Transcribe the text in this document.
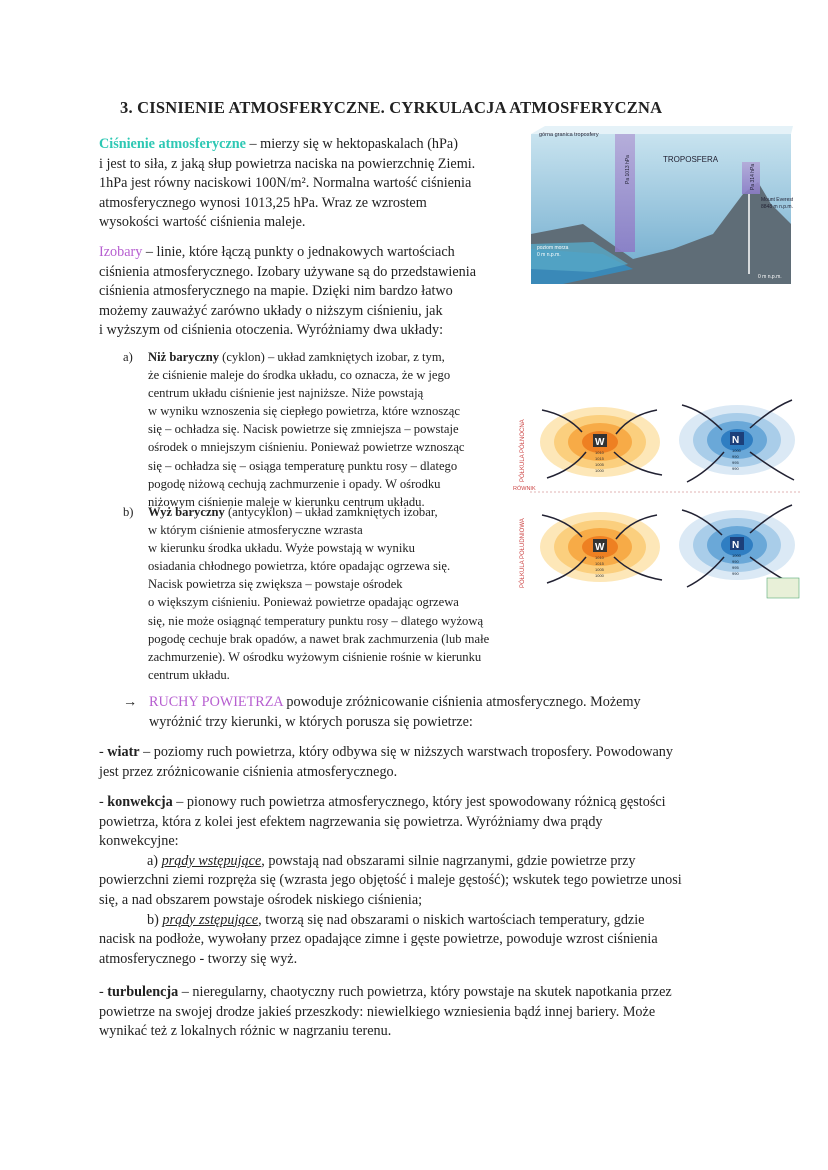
3. CISNIENIE ATMOSFERYCZNE. CYRKULACJA ATMOSFERYCZNA
górna granica troposfery
TROPOSFERA
poziom morza
0 m n.p.m.
Mount Everest
8848 m n.p.m.
0 m n.p.m.
Pa 1013 hPa	Pa 314 hPa
PÓŁKULA PÓŁNOCNA
PÓŁKULA POŁUDNIOWA
RÓWNIK
W
1010
1015
1005
1000
N
1000
990
995
990
W
1010
1015
1005
1000
N
1000
990
995
990
Ciśnienie atmosferyczne – mierzy się w hektopaskalach (hPa)
i jest to siła, z jaką słup powietrza naciska na powierzchnię Ziemi.
1hPa jest równy naciskowi 100N/m². Normalna wartość ciśnienia
atmosferycznego wynosi 1013,25 hPa. Wraz ze wzrostem
wysokości wartość ciśnienia maleje.
Izobary – linie, które łączą punkty o jednakowych wartościach
ciśnienia atmosferycznego. Izobary używane są do przedstawienia
ciśnienia atmosferycznego na mapie. Dzięki nim bardzo łatwo
możemy zauważyć zarówno układy o niższym ciśnieniu, jak
i wyższym od ciśnienia otoczenia. Wyróżniamy dwa układy:
a) Niż baryczny (cyklon) – układ zamkniętych izobar, z tym,
że ciśnienie maleje do środka układu, co oznacza, że w jego
centrum układu ciśnienie jest najniższe. Niże powstają
w wyniku wznoszenia się ciepłego powietrza, które wznosząc
się – ochładza się. Nacisk powietrze się zmniejsza – powstaje
ośrodek o mniejszym ciśnieniu. Ponieważ powietrze wznosząc
się – ochładza się – osiąga temperaturę punktu rosy – dlatego
pogodę niżową cechują zachmurzenie i opady. W ośrodku
niżowym ciśnienie maleje w kierunku centrum układu.
b) Wyż baryczny (antycyklon) – układ zamkniętych izobar,
w którym ciśnienie atmosferyczne wzrasta
w kierunku środka układu. Wyże powstają w wyniku
osiadania chłodnego powietrza, które opadając ogrzewa się.
Nacisk powietrza się zwiększa – powstaje ośrodek
o większym ciśnieniu. Ponieważ powietrze opadając ogrzewa
się, nie może osiągnąć temperatury punktu rosy – dlatego wyżową
pogodę cechuje brak opadów, a nawet brak zachmurzenia (lub małe
zachmurzenie). W ośrodku wyżowym ciśnienie rośnie w kierunku
centrum układu.
→ RUCHY POWIETRZA powoduje zróżnicowanie ciśnienia atmosferycznego. Możemy
wyróżnić trzy kierunki, w których porusza się powietrze:
- wiatr – poziomy ruch powietrza, który odbywa się w niższych warstwach troposfery. Powodowany
jest przez zróżnicowanie ciśnienia atmosferycznego.
- konwekcja – pionowy ruch powietrza atmosferycznego, który jest spowodowany różnicą gęstości
powietrza, która z kolei jest efektem nagrzewania się powietrza. Wyróżniamy dwa prądy
konwekcyjne:
a) prądy wstępujące, powstają nad obszarami silnie nagrzanymi, gdzie powietrze przy
powierzchni ziemi rozpręża się (wzrasta jego objętość i maleje gęstość); wskutek tego powietrze unosi
się, a nad obszarem powstaje ośrodek niskiego ciśnienia;
b) prądy zstępujące, tworzą się nad obszarami o niskich wartościach temperatury, gdzie
nacisk na podłoże, wywołany przez opadające zimne i gęste powietrze, powoduje wzrost ciśnienia
atmosferycznego - tworzy się wyż.
- turbulencja – nieregularny, chaotyczny ruch powietrza, który powstaje na skutek napotkania przez
powietrze na swojej drodze jakieś przeszkody: niewielkiego wzniesienia bądź innej bariery. Może
wynikać też z lokalnych różnic w nagrzaniu terenu.
